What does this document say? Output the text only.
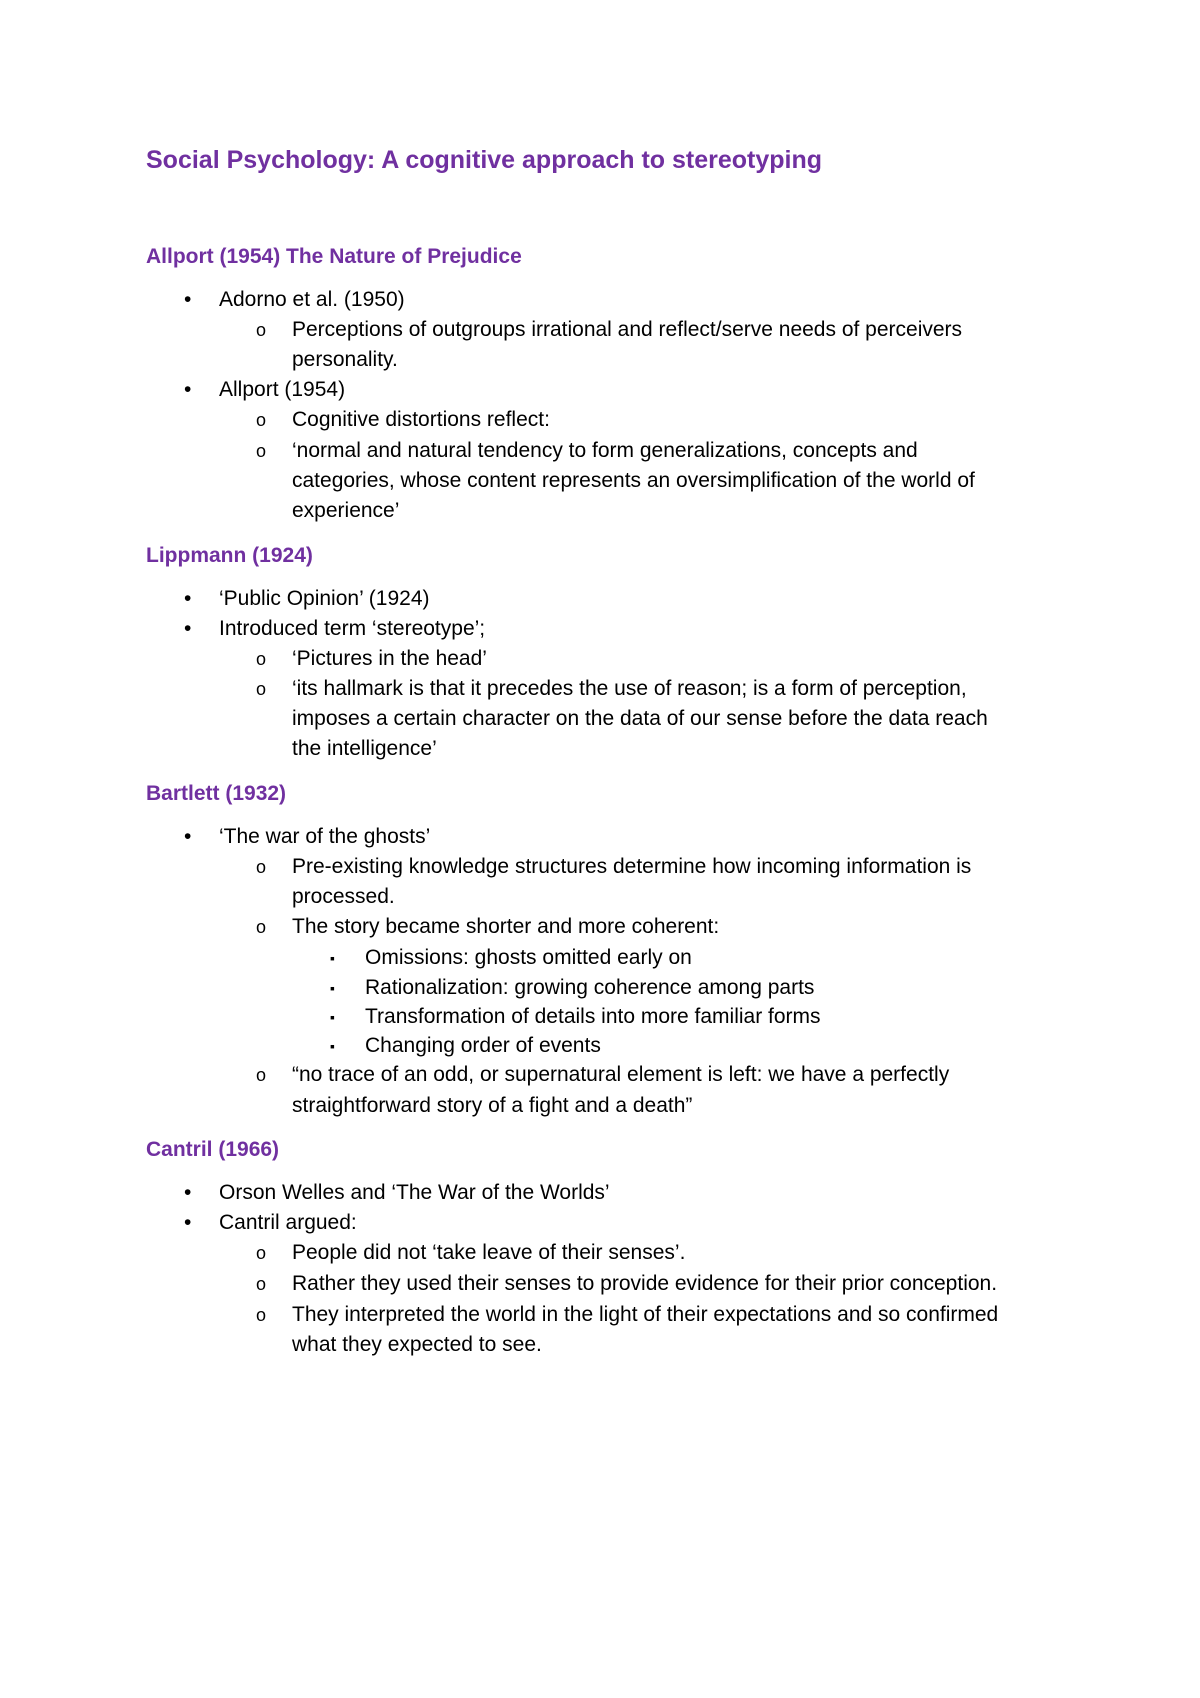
Social Psychology: A cognitive approach to stereotyping
Allport (1954) The Nature of Prejudice
• Adorno et al. (1950)
o Perceptions of outgroups irrational and reflect/serve needs of perceivers
personality.
• Allport (1954)
o Cognitive distortions reflect:
o ‘normal and natural tendency to form generalizations, concepts and
categories, whose content represents an oversimplification of the world of
experience’
Lippmann (1924)
• ‘Public Opinion’ (1924)
• Introduced term ‘stereotype’;
o ‘Pictures in the head’
o ‘its hallmark is that it precedes the use of reason; is a form of perception,
imposes a certain character on the data of our sense before the data reach
the intelligence’
Bartlett (1932)
• ‘The war of the ghosts’
o Pre-existing knowledge structures determine how incoming information is
processed.
o The story became shorter and more coherent:
▪ Omissions: ghosts omitted early on
▪ Rationalization: growing coherence among parts
▪ Transformation of details into more familiar forms
▪ Changing order of events
o “no trace of an odd, or supernatural element is left: we have a perfectly
straightforward story of a fight and a death”
Cantril (1966)
• Orson Welles and ‘The War of the Worlds’
• Cantril argued:
o People did not ‘take leave of their senses’.
o Rather they used their senses to provide evidence for their prior conception.
o They interpreted the world in the light of their expectations and so confirmed
what they expected to see.
